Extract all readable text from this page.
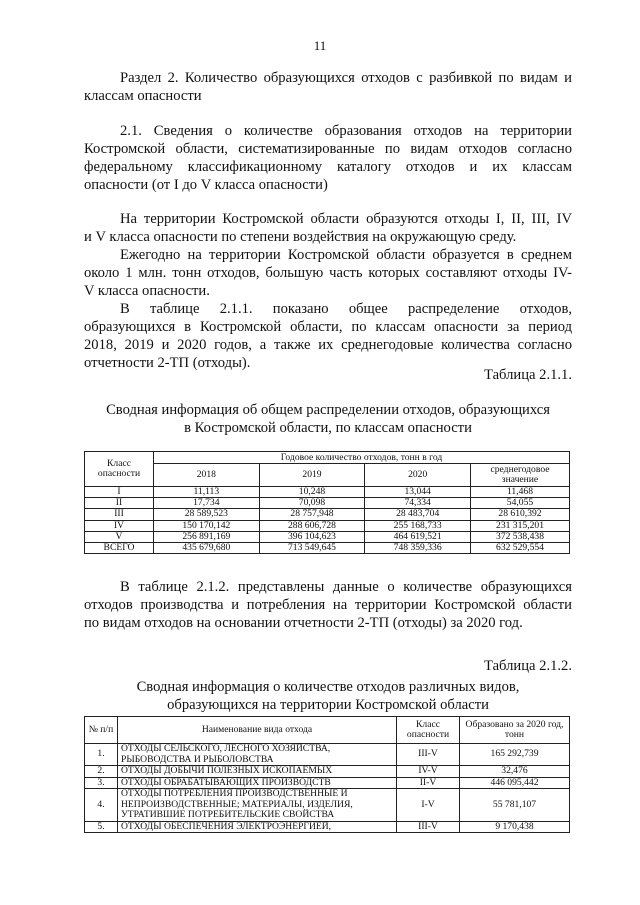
11

Раздел 2. Количество образующихся отходов с разбивкой по видам и

классам опасности

2.1. Сведения о количестве образования отходов на территории

Костромской области, систематизированные по видам отходов согласно

федеральному классификационному каталогу отходов и их классам

опасности (от I до V класса опасности)

На территории Костромской области образуются отходы I, II, III, IV

и V класса опасности по степени воздействия на окружающую среду.

Ежегодно на территории Костромской области образуется в среднем

около 1 млн. тонн отходов, большую часть которых составляют отходы IV-

V класса опасности.

В таблице 2.1.1. показано общее распределение отходов,

образующихся в Костромской области, по классам опасности за период

2018, 2019 и 2020 годов, а также их среднегодовые количества согласно

отчетности 2-ТП (отходы).

Таблица 2.1.1.

Сводная информация об общем распределении отходов, образующихся

в Костромской области, по классам опасности

Класс опасности	Годовое количество отходов, тонн в год			
	2018	2019	2020	среднегодовое значение
I	11,113	10,248	13,044	11,468
II	17,734	70,098	74,334	54,055
III	28 589,523	28 757,948	28 483,704	28 610,392
IV	150 170,142	288 606,728	255 168,733	231 315,201
V	256 891,169	396 104,623	464 619,521	372 538,438
ВСЕГО	435 679,680	713 549,645	748 359,336	632 529,554

В таблице 2.1.2. представлены данные о количестве образующихся

отходов производства и потребления на территории Костромской области

по видам отходов на основании отчетности 2-ТП (отходы) за 2020 год.

Таблица 2.1.2.

Сводная информация о количестве отходов различных видов,

образующихся на территории Костромской области

№ п/п	Наименование вида отхода	Класс опасности	Образовано за 2020 год, тонн
1.	ОТХОДЫ СЕЛЬСКОГО, ЛЕСНОГО ХОЗЯЙСТВА, РЫБОВОДСТВА И РЫБОЛОВСТВА	III-V	165 292,739
2.	ОТХОДЫ ДОБЫЧИ ПОЛЕЗНЫХ ИСКОПАЕМЫХ	IV-V	32,476
3.	ОТХОДЫ ОБРАБАТЫВАЮЩИХ ПРОИЗВОДСТВ	II-V	446 095,442
4.	ОТХОДЫ ПОТРЕБЛЕНИЯ ПРОИЗВОДСТВЕННЫЕ И НЕПРОИЗВОДСТВЕННЫЕ; МАТЕРИАЛЫ, ИЗДЕЛИЯ, УТРАТИВШИЕ ПОТРЕБИТЕЛЬСКИЕ СВОЙСТВА	I-V	55 781,107
5.	ОТХОДЫ ОБЕСПЕЧЕНИЯ ЭЛЕКТРОЭНЕРГИЕЙ,	III-V	9 170,438
